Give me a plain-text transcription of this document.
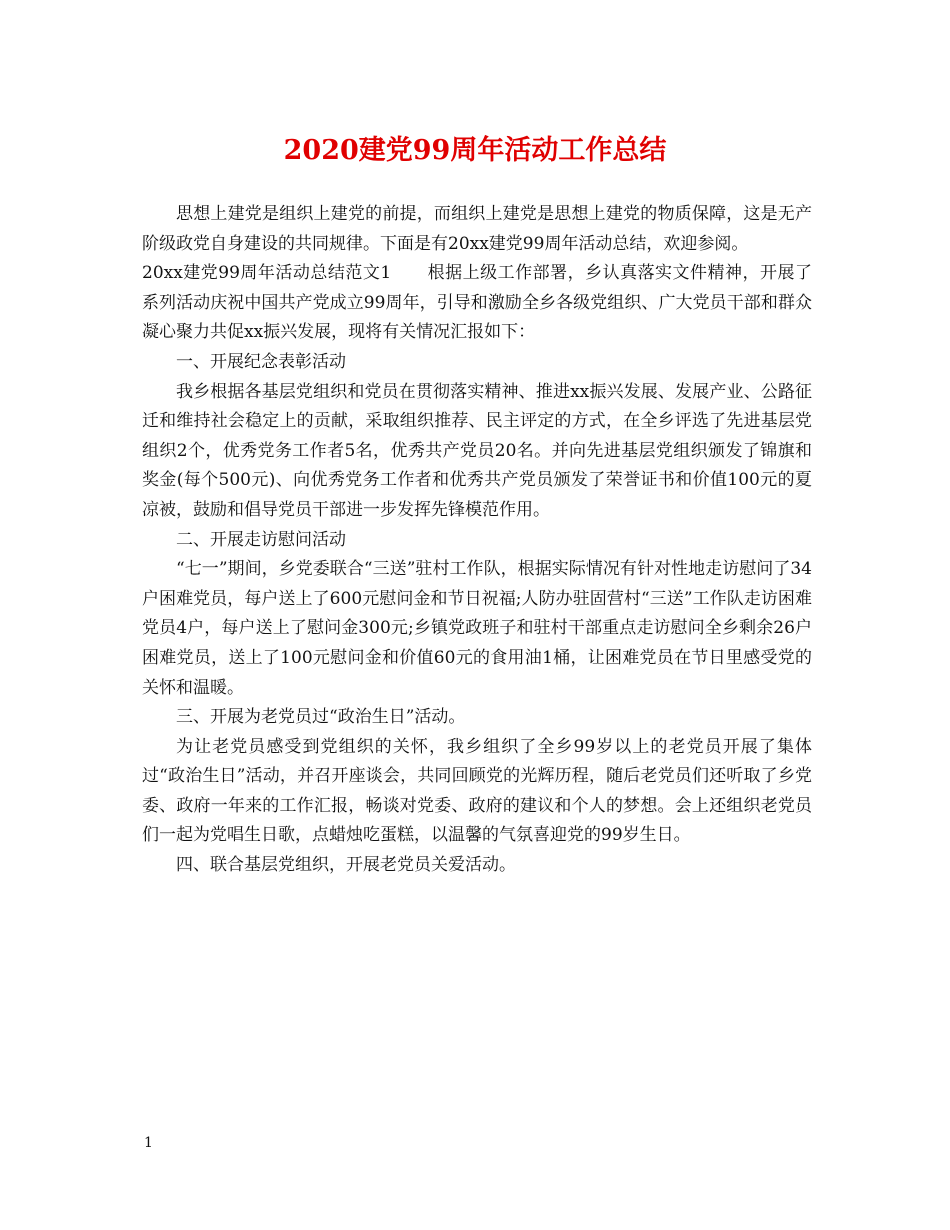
2020建党99周年活动工作总结

思想上建党是组织上建党的前提，而组织上建党是思想上建党的物质保障，这是无产阶级政党自身建设的共同规律。下面是有20xx建党99周年活动总结，欢迎参阅。

20xx建党99周年活动总结范文1 根据上级工作部署，乡认真落实文件精神，开展了系列活动庆祝中国共产党成立99周年，引导和激励全乡各级党组织、广大党员干部和群众凝心聚力共促xx振兴发展，现将有关情况汇报如下：

一、开展纪念表彰活动

我乡根据各基层党组织和党员在贯彻落实精神、推进xx振兴发展、发展产业、公路征迁和维持社会稳定上的贡献，采取组织推荐、民主评定的方式，在全乡评选了先进基层党组织2个，优秀党务工作者5名，优秀共产党员20名。并向先进基层党组织颁发了锦旗和奖金(每个500元)、向优秀党务工作者和优秀共产党员颁发了荣誉证书和价值100元的夏凉被，鼓励和倡导党员干部进一步发挥先锋模范作用。

二、开展走访慰问活动

“七一”期间，乡党委联合“三送”驻村工作队，根据实际情况有针对性地走访慰问了34户困难党员，每户送上了600元慰问金和节日祝福;人防办驻固营村“三送”工作队走访困难党员4户，每户送上了慰问金300元;乡镇党政班子和驻村干部重点走访慰问全乡剩余26户困难党员，送上了100元慰问金和价值60元的食用油1桶，让困难党员在节日里感受党的关怀和温暖。

三、开展为老党员过“政治生日”活动。

为让老党员感受到党组织的关怀，我乡组织了全乡99岁以上的老党员开展了集体过“政治生日”活动，并召开座谈会，共同回顾党的光辉历程，随后老党员们还听取了乡党委、政府一年来的工作汇报，畅谈对党委、政府的建议和个人的梦想。会上还组织老党员们一起为党唱生日歌，点蜡烛吃蛋糕，以温馨的气氛喜迎党的99岁生日。

四、联合基层党组织，开展老党员关爱活动。

1
